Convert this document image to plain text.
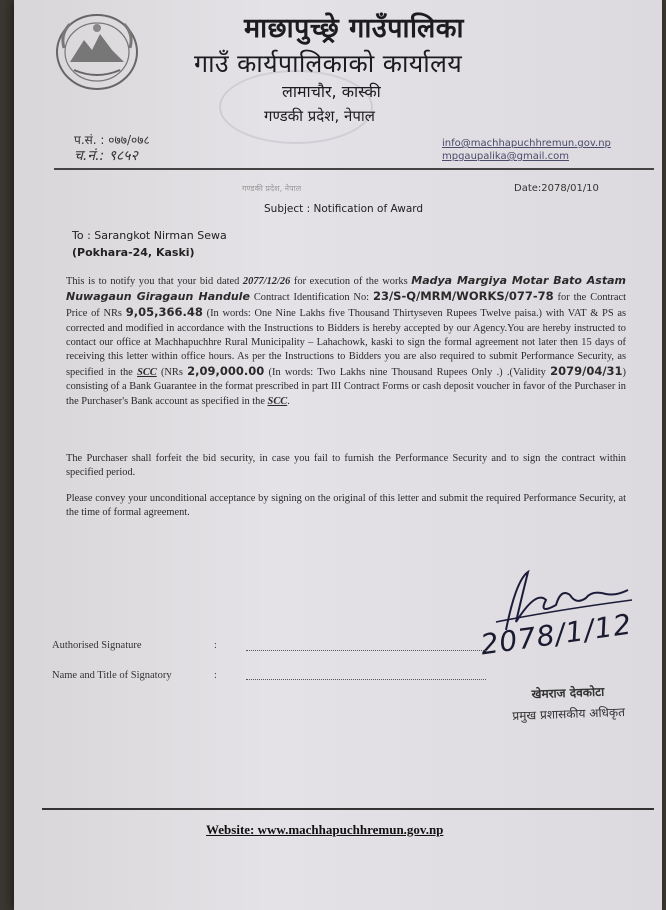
माछापुच्छ्रे गाउँपालिका
गाउँ कार्यपालिकाको कार्यालय
लामाचौर, कास्की
गण्डकी प्रदेश, नेपाल
प.सं. : ०७७/०७८
च.नं.: ९८५२
info@machhapuchhremun.gov.np
mpgaupalika@gmail.com
गण्डकी प्रदेश, नेपाल	Date:2078/01/10
Subject : Notification of Award
To : Sarangkot Nirman Sewa
(Pokhara-24, Kaski)
This is to notify you that your bid dated 2077/12/26 for execution of the works Madya Margiya Motar Bato Astam Nuwagaun Giragaun Handule Contract Identification No: 23/S-Q/MRM/WORKS/077-78 for the Contract Price of NRs 9,05,366.48 (In words: One Nine Lakhs five Thousand Thirtyseven Rupees Twelve paisa.) with VAT & PS as corrected and modified in accordance with the Instructions to Bidders is hereby accepted by our Agency.You are hereby instructed to contact our office at Machhapuchhre Rural Municipality – Lahachowk, kaski to sign the formal agreement not later then 15 days of receiving this letter within office hours. As per the Instructions to Bidders you are also required to submit Performance Security, as specified in the SCC (NRs 2,09,000.00 (In words: Two Lakhs nine Thousand Rupees Only .) .(Validity 2079/04/31) consisting of a Bank Guarantee in the format prescribed in part III Contract Forms or cash deposit voucher in favor of the Purchaser in the Purchaser's Bank account as specified in the SCC.
The Purchaser shall forfeit the bid security, in case you fail to furnish the Performance Security and to sign the contract within specified period.
Please convey your unconditional acceptance by signing on the original of this letter and submit the required Performance Security, at the time of formal agreement.
2078/1/12
Authorised Signature	:
Name and Title of Signatory	:
खेमराज देवकोटा
प्रमुख प्रशासकीय अधिकृत
Website: www.machhapuchhremun.gov.np
